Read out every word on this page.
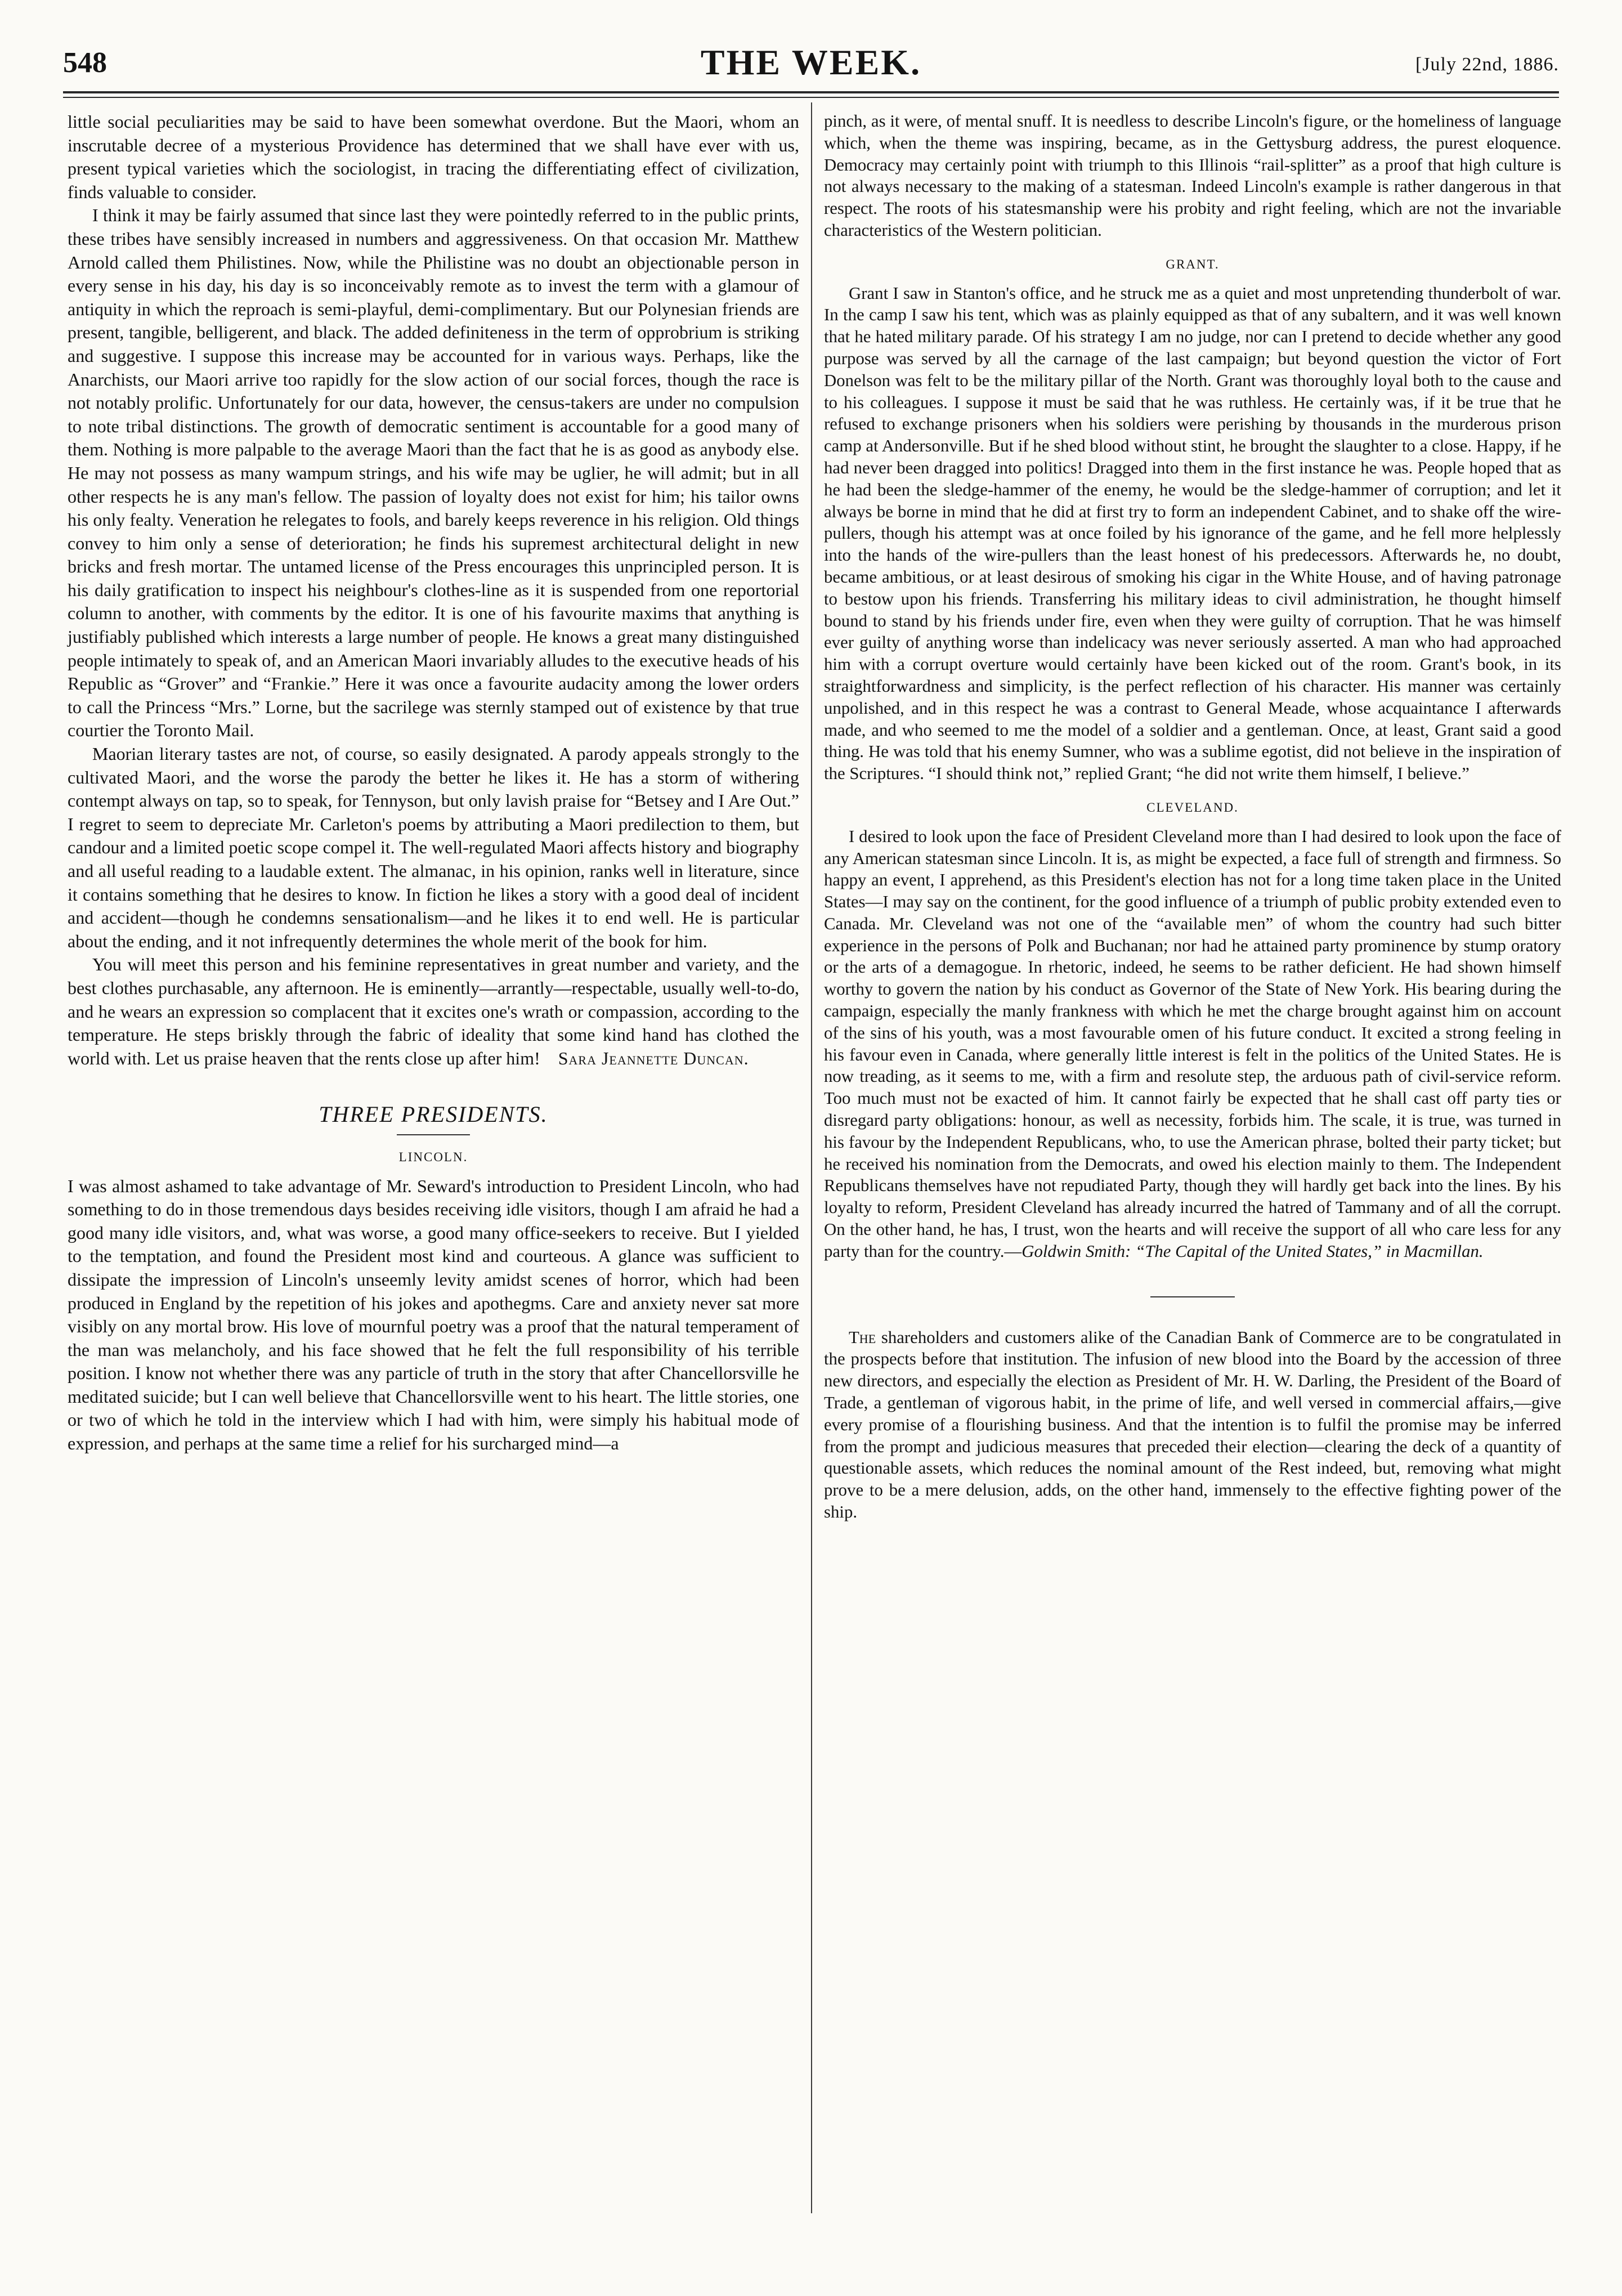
548	THE WEEK.	[July 22nd, 1886.

little social peculiarities may be said to have been somewhat overdone. But the Maori, whom an inscrutable decree of a mysterious Providence has determined that we shall have ever with us, present typical varieties which the sociologist, in tracing the differentiating effect of civilization, finds valuable to consider.

I think it may be fairly assumed that since last they were pointedly referred to in the public prints, these tribes have sensibly increased in numbers and aggressiveness. On that occasion Mr. Matthew Arnold called them Philistines. Now, while the Philistine was no doubt an objectionable person in every sense in his day, his day is so inconceivably remote as to invest the term with a glamour of antiquity in which the reproach is semi-playful, demi-complimentary. But our Polynesian friends are present, tangible, belligerent, and black. The added definiteness in the term of opprobrium is striking and suggestive. I suppose this increase may be accounted for in various ways. Perhaps, like the Anarchists, our Maori arrive too rapidly for the slow action of our social forces, though the race is not notably prolific. Unfortunately for our data, however, the census-takers are under no compulsion to note tribal distinctions. The growth of democratic sentiment is accountable for a good many of them. Nothing is more palpable to the average Maori than the fact that he is as good as anybody else. He may not possess as many wampum strings, and his wife may be uglier, he will admit; but in all other respects he is any man's fellow. The passion of loyalty does not exist for him; his tailor owns his only fealty. Veneration he relegates to fools, and barely keeps reverence in his religion. Old things convey to him only a sense of deterioration; he finds his supremest architectural delight in new bricks and fresh mortar. The untamed license of the Press encourages this unprincipled person. It is his daily gratification to inspect his neighbour's clothes-line as it is suspended from one reportorial column to another, with comments by the editor. It is one of his favourite maxims that anything is justifiably published which interests a large number of people. He knows a great many distinguished people intimately to speak of, and an American Maori invariably alludes to the executive heads of his Republic as “Grover” and “Frankie.” Here it was once a favourite audacity among the lower orders to call the Princess “Mrs.” Lorne, but the sacrilege was sternly stamped out of existence by that true courtier the Toronto Mail.

Maorian literary tastes are not, of course, so easily designated. A parody appeals strongly to the cultivated Maori, and the worse the parody the better he likes it. He has a storm of withering contempt always on tap, so to speak, for Tennyson, but only lavish praise for “Betsey and I Are Out.” I regret to seem to depreciate Mr. Carleton's poems by attributing a Maori predilection to them, but candour and a limited poetic scope compel it. The well-regulated Maori affects history and biography and all useful reading to a laudable extent. The almanac, in his opinion, ranks well in literature, since it contains something that he desires to know. In fiction he likes a story with a good deal of incident and accident—though he condemns sensationalism—and he likes it to end well. He is particular about the ending, and it not infrequently determines the whole merit of the book for him.

You will meet this person and his feminine representatives in great number and variety, and the best clothes purchasable, any afternoon. He is eminently—arrantly—respectable, usually well-to-do, and he wears an expression so complacent that it excites one's wrath or compassion, according to the temperature. He steps briskly through the fabric of ideality that some kind hand has clothed the world with. Let us praise heaven that the rents close up after him! Sara Jeannette Duncan.

THREE PRESIDENTS.
LINCOLN.

I was almost ashamed to take advantage of Mr. Seward's introduction to President Lincoln, who had something to do in those tremendous days besides receiving idle visitors, though I am afraid he had a good many idle visitors, and, what was worse, a good many office-seekers to receive. But I yielded to the temptation, and found the President most kind and courteous. A glance was sufficient to dissipate the impression of Lincoln's unseemly levity amidst scenes of horror, which had been produced in England by the repetition of his jokes and apothegms. Care and anxiety never sat more visibly on any mortal brow. His love of mournful poetry was a proof that the natural temperament of the man was melancholy, and his face showed that he felt the full responsibility of his terrible position. I know not whether there was any particle of truth in the story that after Chancellorsville he meditated suicide; but I can well believe that Chancellorsville went to his heart. The little stories, one or two of which he told in the interview which I had with him, were simply his habitual mode of expression, and perhaps at the same time a relief for his surcharged mind—a

pinch, as it were, of mental snuff. It is needless to describe Lincoln's figure, or the homeliness of language which, when the theme was inspiring, became, as in the Gettysburg address, the purest eloquence. Democracy may certainly point with triumph to this Illinois “rail-splitter” as a proof that high culture is not always necessary to the making of a statesman. Indeed Lincoln's example is rather dangerous in that respect. The roots of his statesmanship were his probity and right feeling, which are not the invariable characteristics of the Western politician.

GRANT.

Grant I saw in Stanton's office, and he struck me as a quiet and most unpretending thunderbolt of war. In the camp I saw his tent, which was as plainly equipped as that of any subaltern, and it was well known that he hated military parade. Of his strategy I am no judge, nor can I pretend to decide whether any good purpose was served by all the carnage of the last campaign; but beyond question the victor of Fort Donelson was felt to be the military pillar of the North. Grant was thoroughly loyal both to the cause and to his colleagues. I suppose it must be said that he was ruthless. He certainly was, if it be true that he refused to exchange prisoners when his soldiers were perishing by thousands in the murderous prison camp at Andersonville. But if he shed blood without stint, he brought the slaughter to a close. Happy, if he had never been dragged into politics! Dragged into them in the first instance he was. People hoped that as he had been the sledge-hammer of the enemy, he would be the sledge-hammer of corruption; and let it always be borne in mind that he did at first try to form an independent Cabinet, and to shake off the wire-pullers, though his attempt was at once foiled by his ignorance of the game, and he fell more helplessly into the hands of the wire-pullers than the least honest of his predecessors. Afterwards he, no doubt, became ambitious, or at least desirous of smoking his cigar in the White House, and of having patronage to bestow upon his friends. Transferring his military ideas to civil administration, he thought himself bound to stand by his friends under fire, even when they were guilty of corruption. That he was himself ever guilty of anything worse than indelicacy was never seriously asserted. A man who had approached him with a corrupt overture would certainly have been kicked out of the room. Grant's book, in its straightforwardness and simplicity, is the perfect reflection of his character. His manner was certainly unpolished, and in this respect he was a contrast to General Meade, whose acquaintance I afterwards made, and who seemed to me the model of a soldier and a gentleman. Once, at least, Grant said a good thing. He was told that his enemy Sumner, who was a sublime egotist, did not believe in the inspiration of the Scriptures. “I should think not,” replied Grant; “he did not write them himself, I believe.”

CLEVELAND.

I desired to look upon the face of President Cleveland more than I had desired to look upon the face of any American statesman since Lincoln. It is, as might be expected, a face full of strength and firmness. So happy an event, I apprehend, as this President's election has not for a long time taken place in the United States—I may say on the continent, for the good influence of a triumph of public probity extended even to Canada. Mr. Cleveland was not one of the “available men” of whom the country had such bitter experience in the persons of Polk and Buchanan; nor had he attained party prominence by stump oratory or the arts of a demagogue. In rhetoric, indeed, he seems to be rather deficient. He had shown himself worthy to govern the nation by his conduct as Governor of the State of New York. His bearing during the campaign, especially the manly frankness with which he met the charge brought against him on account of the sins of his youth, was a most favourable omen of his future conduct. It excited a strong feeling in his favour even in Canada, where generally little interest is felt in the politics of the United States. He is now treading, as it seems to me, with a firm and resolute step, the arduous path of civil-service reform. Too much must not be exacted of him. It cannot fairly be expected that he shall cast off party ties or disregard party obligations: honour, as well as necessity, forbids him. The scale, it is true, was turned in his favour by the Independent Republicans, who, to use the American phrase, bolted their party ticket; but he received his nomination from the Democrats, and owed his election mainly to them. The Independent Republicans themselves have not repudiated Party, though they will hardly get back into the lines. By his loyalty to reform, President Cleveland has already incurred the hatred of Tammany and of all the corrupt. On the other hand, he has, I trust, won the hearts and will receive the support of all who care less for any party than for the country.—Goldwin Smith: “The Capital of the United States,” in Macmillan.

The shareholders and customers alike of the Canadian Bank of Commerce are to be congratulated in the prospects before that institution. The infusion of new blood into the Board by the accession of three new directors, and especially the election as President of Mr. H. W. Darling, the President of the Board of Trade, a gentleman of vigorous habit, in the prime of life, and well versed in commercial affairs,—give every promise of a flourishing business. And that the intention is to fulfil the promise may be inferred from the prompt and judicious measures that preceded their election—clearing the deck of a quantity of questionable assets, which reduces the nominal amount of the Rest indeed, but, removing what might prove to be a mere delusion, adds, on the other hand, immensely to the effective fighting power of the ship.
